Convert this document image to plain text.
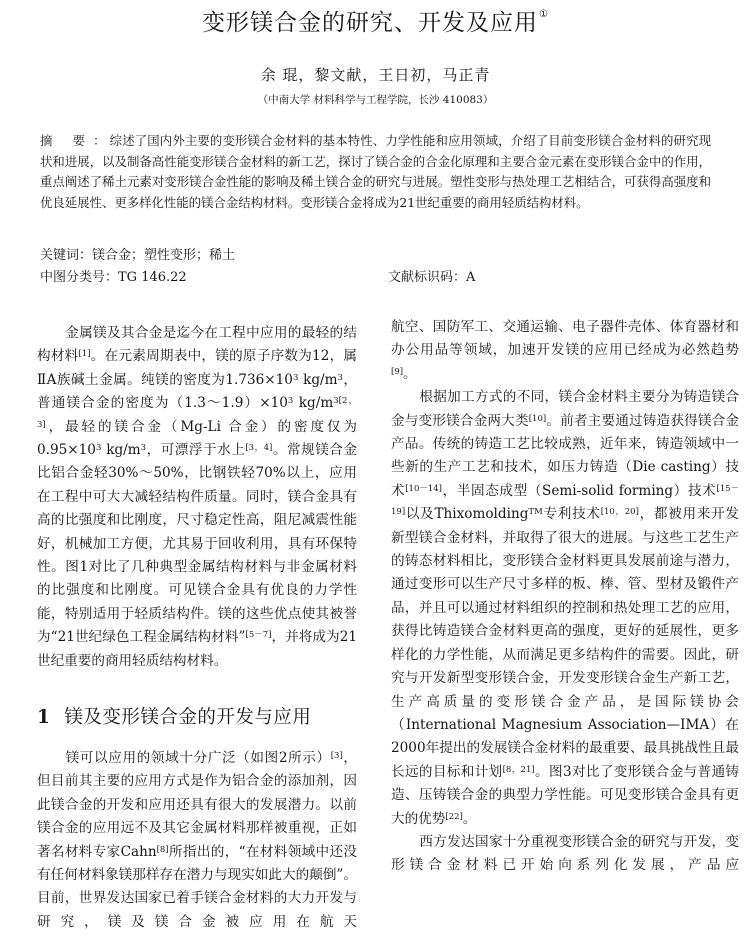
变形镁合金的研究、开发及应用①
余 琨，黎文献，王日初，马正青
（中南大学 材料科学与工程学院，长沙 410083）
摘 要：综述了国内外主要的变形镁合金材料的基本特性、力学性能和应用领域，介绍了目前变形镁合金材料的研究现状和进展，以及制备高性能变形镁合金材料的新工艺，探讨了镁合金的合金化原理和主要合金元素在变形镁合金中的作用，重点阐述了稀土元素对变形镁合金性能的影响及稀土镁合金的研究与进展。塑性变形与热处理工艺相结合，可获得高强度和优良延展性、更多样化性能的镁合金结构材料。变形镁合金将成为21世纪重要的商用轻质结构材料。
关键词：镁合金；塑性变形；稀土
中图分类号：TG 146.22	文献标识码：A

金属镁及其合金是迄今在工程中应用的最轻的结构材料[1]。在元素周期表中，镁的原子序数为12，属ⅡA族碱土金属。纯镁的密度为$1.736\times 10^3$ $kg/m^3$，普通镁合金的密度为$(1.3\sim 1.9)\times 10^3$ kg/m$^{3[2,3]}$，最轻的镁合金（Mg-Li 合金）的密度仅为$0.95\times 10^3$ $kg/m^3$，可漂浮于水上[3，4]。常规镁合金比铝合金轻30%～50%，比钢铁轻70%以上，应用在工程中可大大减轻结构件质量。同时，镁合金具有高的比强度和比刚度，尺寸稳定性高，阻尼减震性能好，机械加工方便，尤其易于回收利用，具有环保特性。图1对比了几种典型金属结构材料与非金属材料的比强度和比刚度。可见镁合金具有优良的力学性能，特别适用于轻质结构件。镁的这些优点使其被誉为“21世纪绿色工程金属结构材料”[5－7]，并将成为21世纪重要的商用轻质结构材料。

1 镁及变形镁合金的开发与应用

镁可以应用的领域十分广泛（如图2所示）[3]，但目前其主要的应用方式是作为铝合金的添加剂，因此镁合金的开发和应用还具有很大的发展潜力。以前镁合金的应用远不及其它金属材料那样被重视，正如著名材料专家Cahn[8]所指出的，“在材料领域中还没有任何材料象镁那样存在潜力与现实如此大的颠倒”。目前，世界发达国家已着手镁合金材料的大力开发与研究，镁及镁合金被应用在航天

航空、国防军工、交通运输、电子器件壳体、体育器材和办公用品等领域，加速开发镁的应用已经成为必然趋势[9]。

根据加工方式的不同，镁合金材料主要分为铸造镁合金与变形镁合金两大类[10]。前者主要通过铸造获得镁合金产品。传统的铸造工艺比较成熟，近年来，铸造领域中一些新的生产工艺和技术，如压力铸造（Die casting）技术[10－14]，半固态成型（Semi-solid forming）技术[15－19]以及Thixomolding™专利技术[10，20]，都被用来开发新型镁合金材料，并取得了很大的进展。与这些工艺生产的铸态材料相比，变形镁合金材料更具发展前途与潜力，通过变形可以生产尺寸多样的板、棒、管、型材及锻件产品，并且可以通过材料组织的控制和热处理工艺的应用，获得比铸造镁合金材料更高的强度，更好的延展性，更多样化的力学性能，从而满足更多结构件的需要。因此，研究与开发新型变形镁合金，开发变形镁合金生产新工艺，生产高质量的变形镁合金产品，是国际镁协会（International Magnesium Association—IMA）在2000年提出的发展镁合金材料的最重要、最具挑战性且最长远的目标和计划[8，21]。图3对比了变形镁合金与普通铸造、压铸镁合金的典型力学性能。可见变形镁合金具有更大的优势[22]。

西方发达国家十分重视变形镁合金的研究与开发，变形镁合金材料已开始向系列化发展，产品应
